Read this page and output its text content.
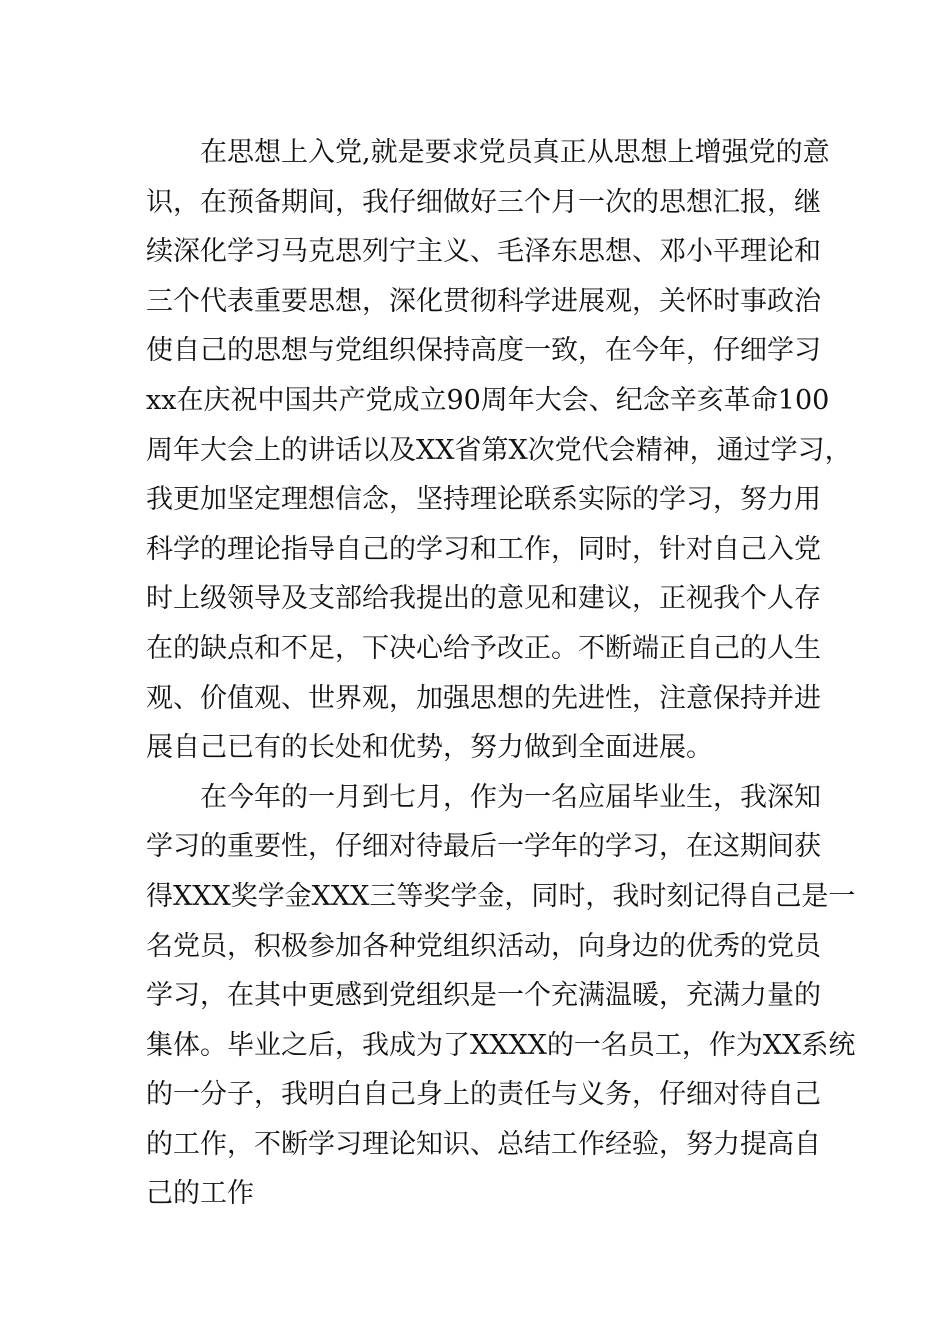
在思想上入党,就是要求党员真正从思想上增强党的意
识，在预备期间，我仔细做好三个月一次的思想汇报，继
续深化学习马克思列宁主义、毛泽东思想、邓小平理论和
三个代表重要思想，深化贯彻科学进展观，关怀时事政治
使自己的思想与党组织保持高度一致，在今年，仔细学习
xx在庆祝中国共产党成立90周年大会、纪念辛亥革命100
周年大会上的讲话以及XX省第X次党代会精神，通过学习，
我更加坚定理想信念，坚持理论联系实际的学习，努力用
科学的理论指导自己的学习和工作，同时，针对自己入党
时上级领导及支部给我提出的意见和建议，正视我个人存
在的缺点和不足，下决心给予改正。不断端正自己的人生
观、价值观、世界观，加强思想的先进性，注意保持并进
展自己已有的长处和优势，努力做到全面进展。
在今年的一月到七月，作为一名应届毕业生，我深知
学习的重要性，仔细对待最后一学年的学习，在这期间获
得XXX奖学金XXX三等奖学金，同时，我时刻记得自己是一
名党员，积极参加各种党组织活动，向身边的优秀的党员
学习，在其中更感到党组织是一个充满温暖，充满力量的
集体。毕业之后，我成为了XXXX的一名员工，作为XX系统
的一分子，我明白自己身上的责任与义务，仔细对待自己
的工作，不断学习理论知识、总结工作经验，努力提高自
己的工作
